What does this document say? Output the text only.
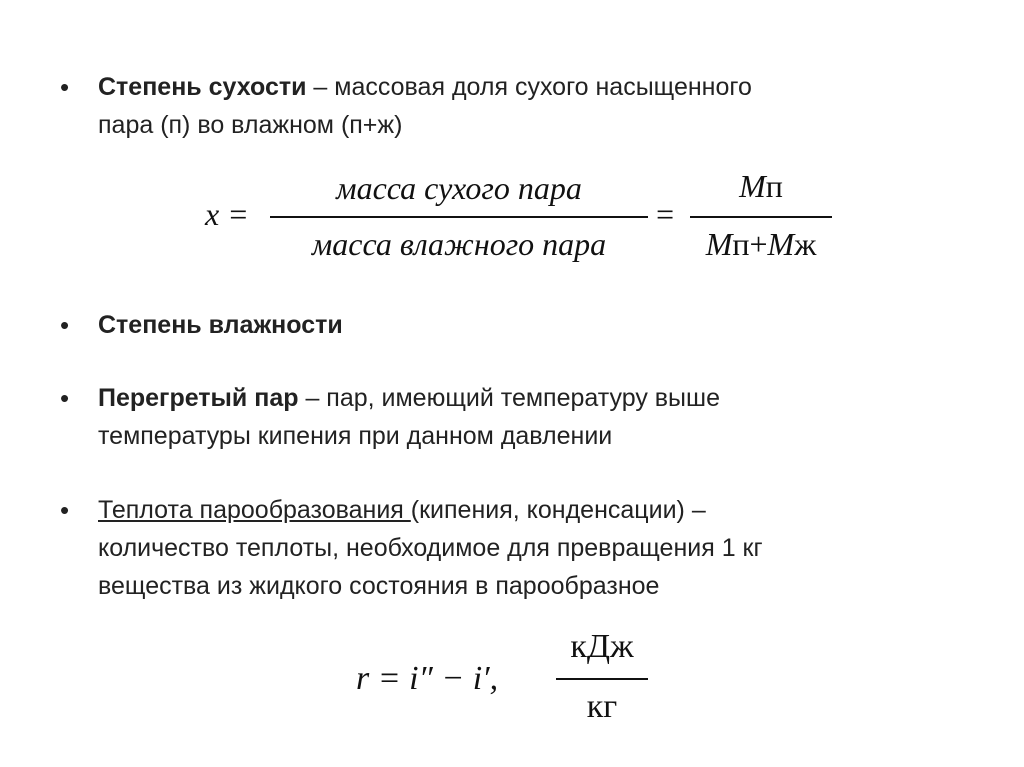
• Степень сухости – массовая доля сухого насыщенного
пара (п) во влажном (п+ж)
x =
масса сухого пара
масса влажного пара
=
Мп
Мп+Мж
• Степень влажности
• Перегретый пар – пар, имеющий температуру выше
температуры кипения при данном давлении
• Теплота парообразования (кипения, конденсации) –
количество теплоты, необходимое для превращения 1 кг
вещества из жидкого состояния в парообразное
r = i″ − i′,
кДж
кг
